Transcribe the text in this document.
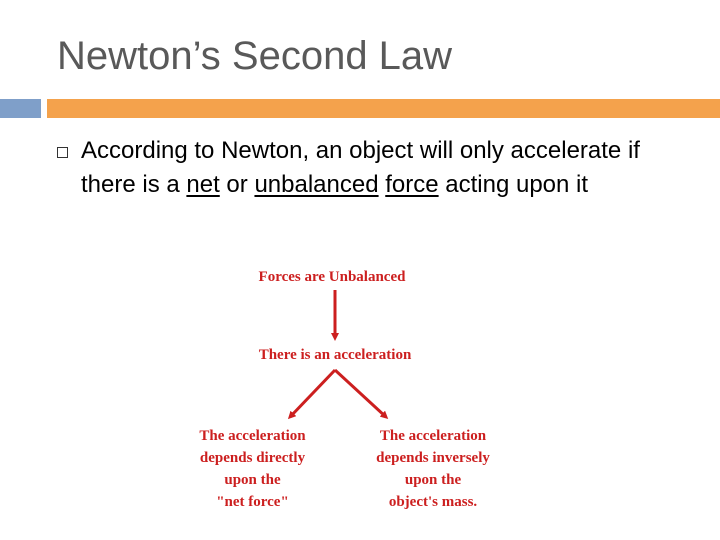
Newton’s Second Law
According to Newton, an object will only accelerate if there is a net or unbalanced force acting upon it
Forces are Unbalanced
There is an acceleration
The acceleration
depends directly
upon the
"net force"
The acceleration
depends inversely
upon the
object's mass.
